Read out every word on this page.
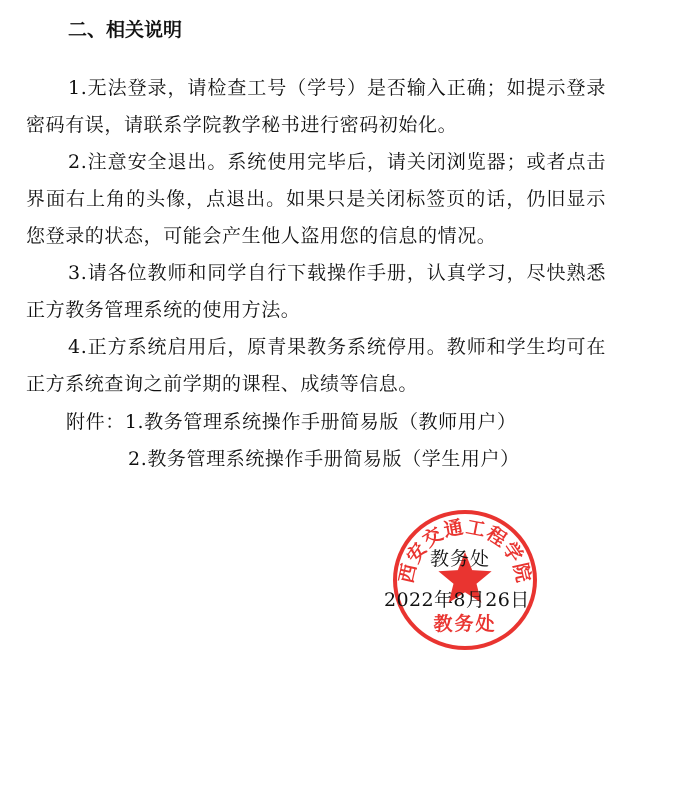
二、相关说明

1.无法登录，请检查工号（学号）是否输入正确；如提示登录密码有误，请联系学院教学秘书进行密码初始化。

2.注意安全退出。系统使用完毕后，请关闭浏览器；或者点击界面右上角的头像，点退出。如果只是关闭标签页的话，仍旧显示您登录的状态，可能会产生他人盗用您的信息的情况。

3.请各位教师和同学自行下载操作手册，认真学习，尽快熟悉正方教务管理系统的使用方法。

4.正方系统启用后，原青果教务系统停用。教师和学生均可在正方系统查询之前学期的课程、成绩等信息。

附件：1.教务管理系统操作手册简易版（教师用户）
2.教务管理系统操作手册简易版（学生用户）
西安交通工程学院
教务处
教务处
2022年8月26日
